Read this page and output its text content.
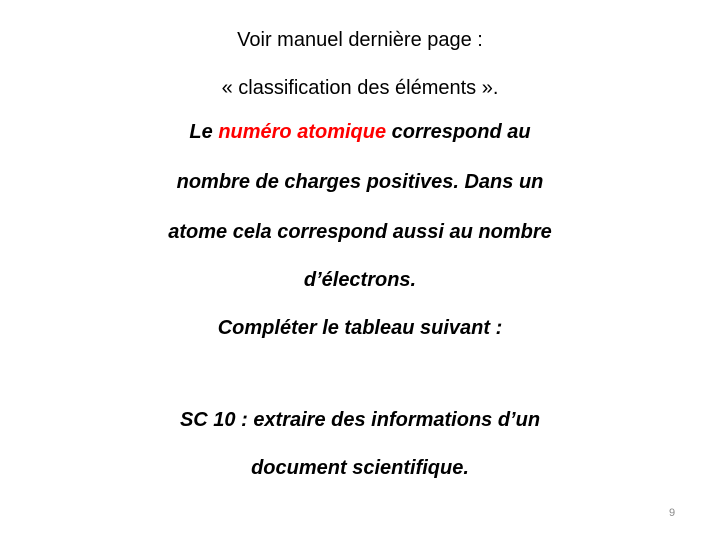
Voir manuel dernière page :
« classification des éléments ».
Le numéro atomique correspond au
nombre de charges positives. Dans un
atome cela correspond aussi au nombre
d’électrons.
Compléter le tableau suivant :
SC 10 : extraire des informations d’un
document scientifique.
9
